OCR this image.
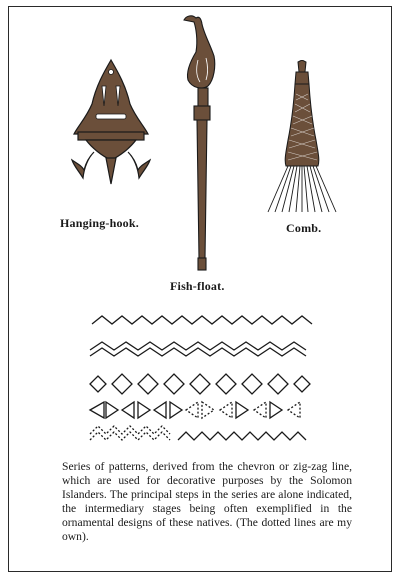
Hanging-hook.
Fish-float.
Comb.
Series of patterns, derived from the chevron or zig-zag line, which are used for decorative purposes by the Solomon Islanders. The principal steps in the series are alone indicated, the intermediary stages being often exemplified in the ornamental designs of these natives. (The dotted lines are my own).
